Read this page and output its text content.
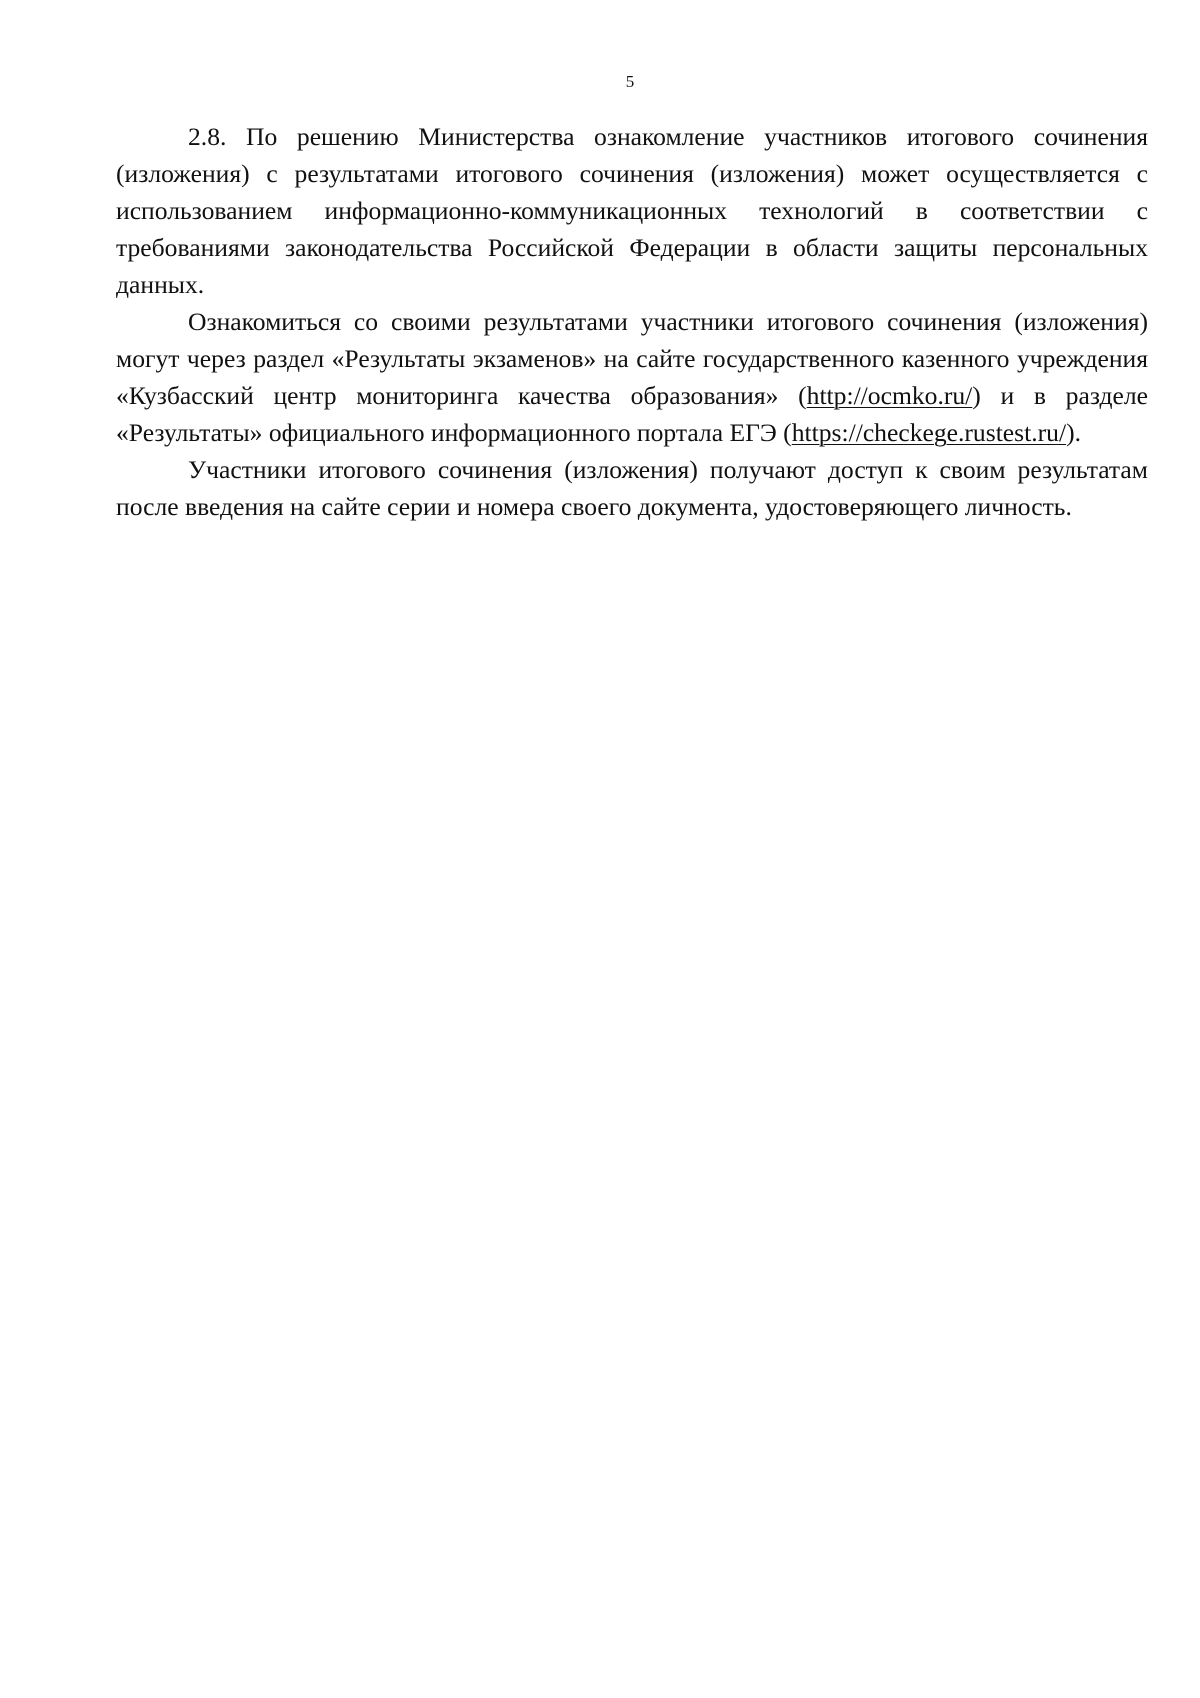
5

2.8. По решению Министерства ознакомление участников итогового сочинения (изложения) с результатами итогового сочинения (изложения) может осуществляется с использованием информационно-коммуникационных технологий в соответствии с требованиями законодательства Российской Федерации в области защиты персональных данных.

Ознакомиться со своими результатами участники итогового сочинения (изложения) могут через раздел «Результаты экзаменов» на сайте государственного казенного учреждения «Кузбасский центр мониторинга качества образования» (http://ocmko.ru/) и в разделе «Результаты» официального информационного портала ЕГЭ (https://checkege.rustest.ru/).

Участники итогового сочинения (изложения) получают доступ к своим результатам после введения на сайте серии и номера своего документа, удостоверяющего личность.
